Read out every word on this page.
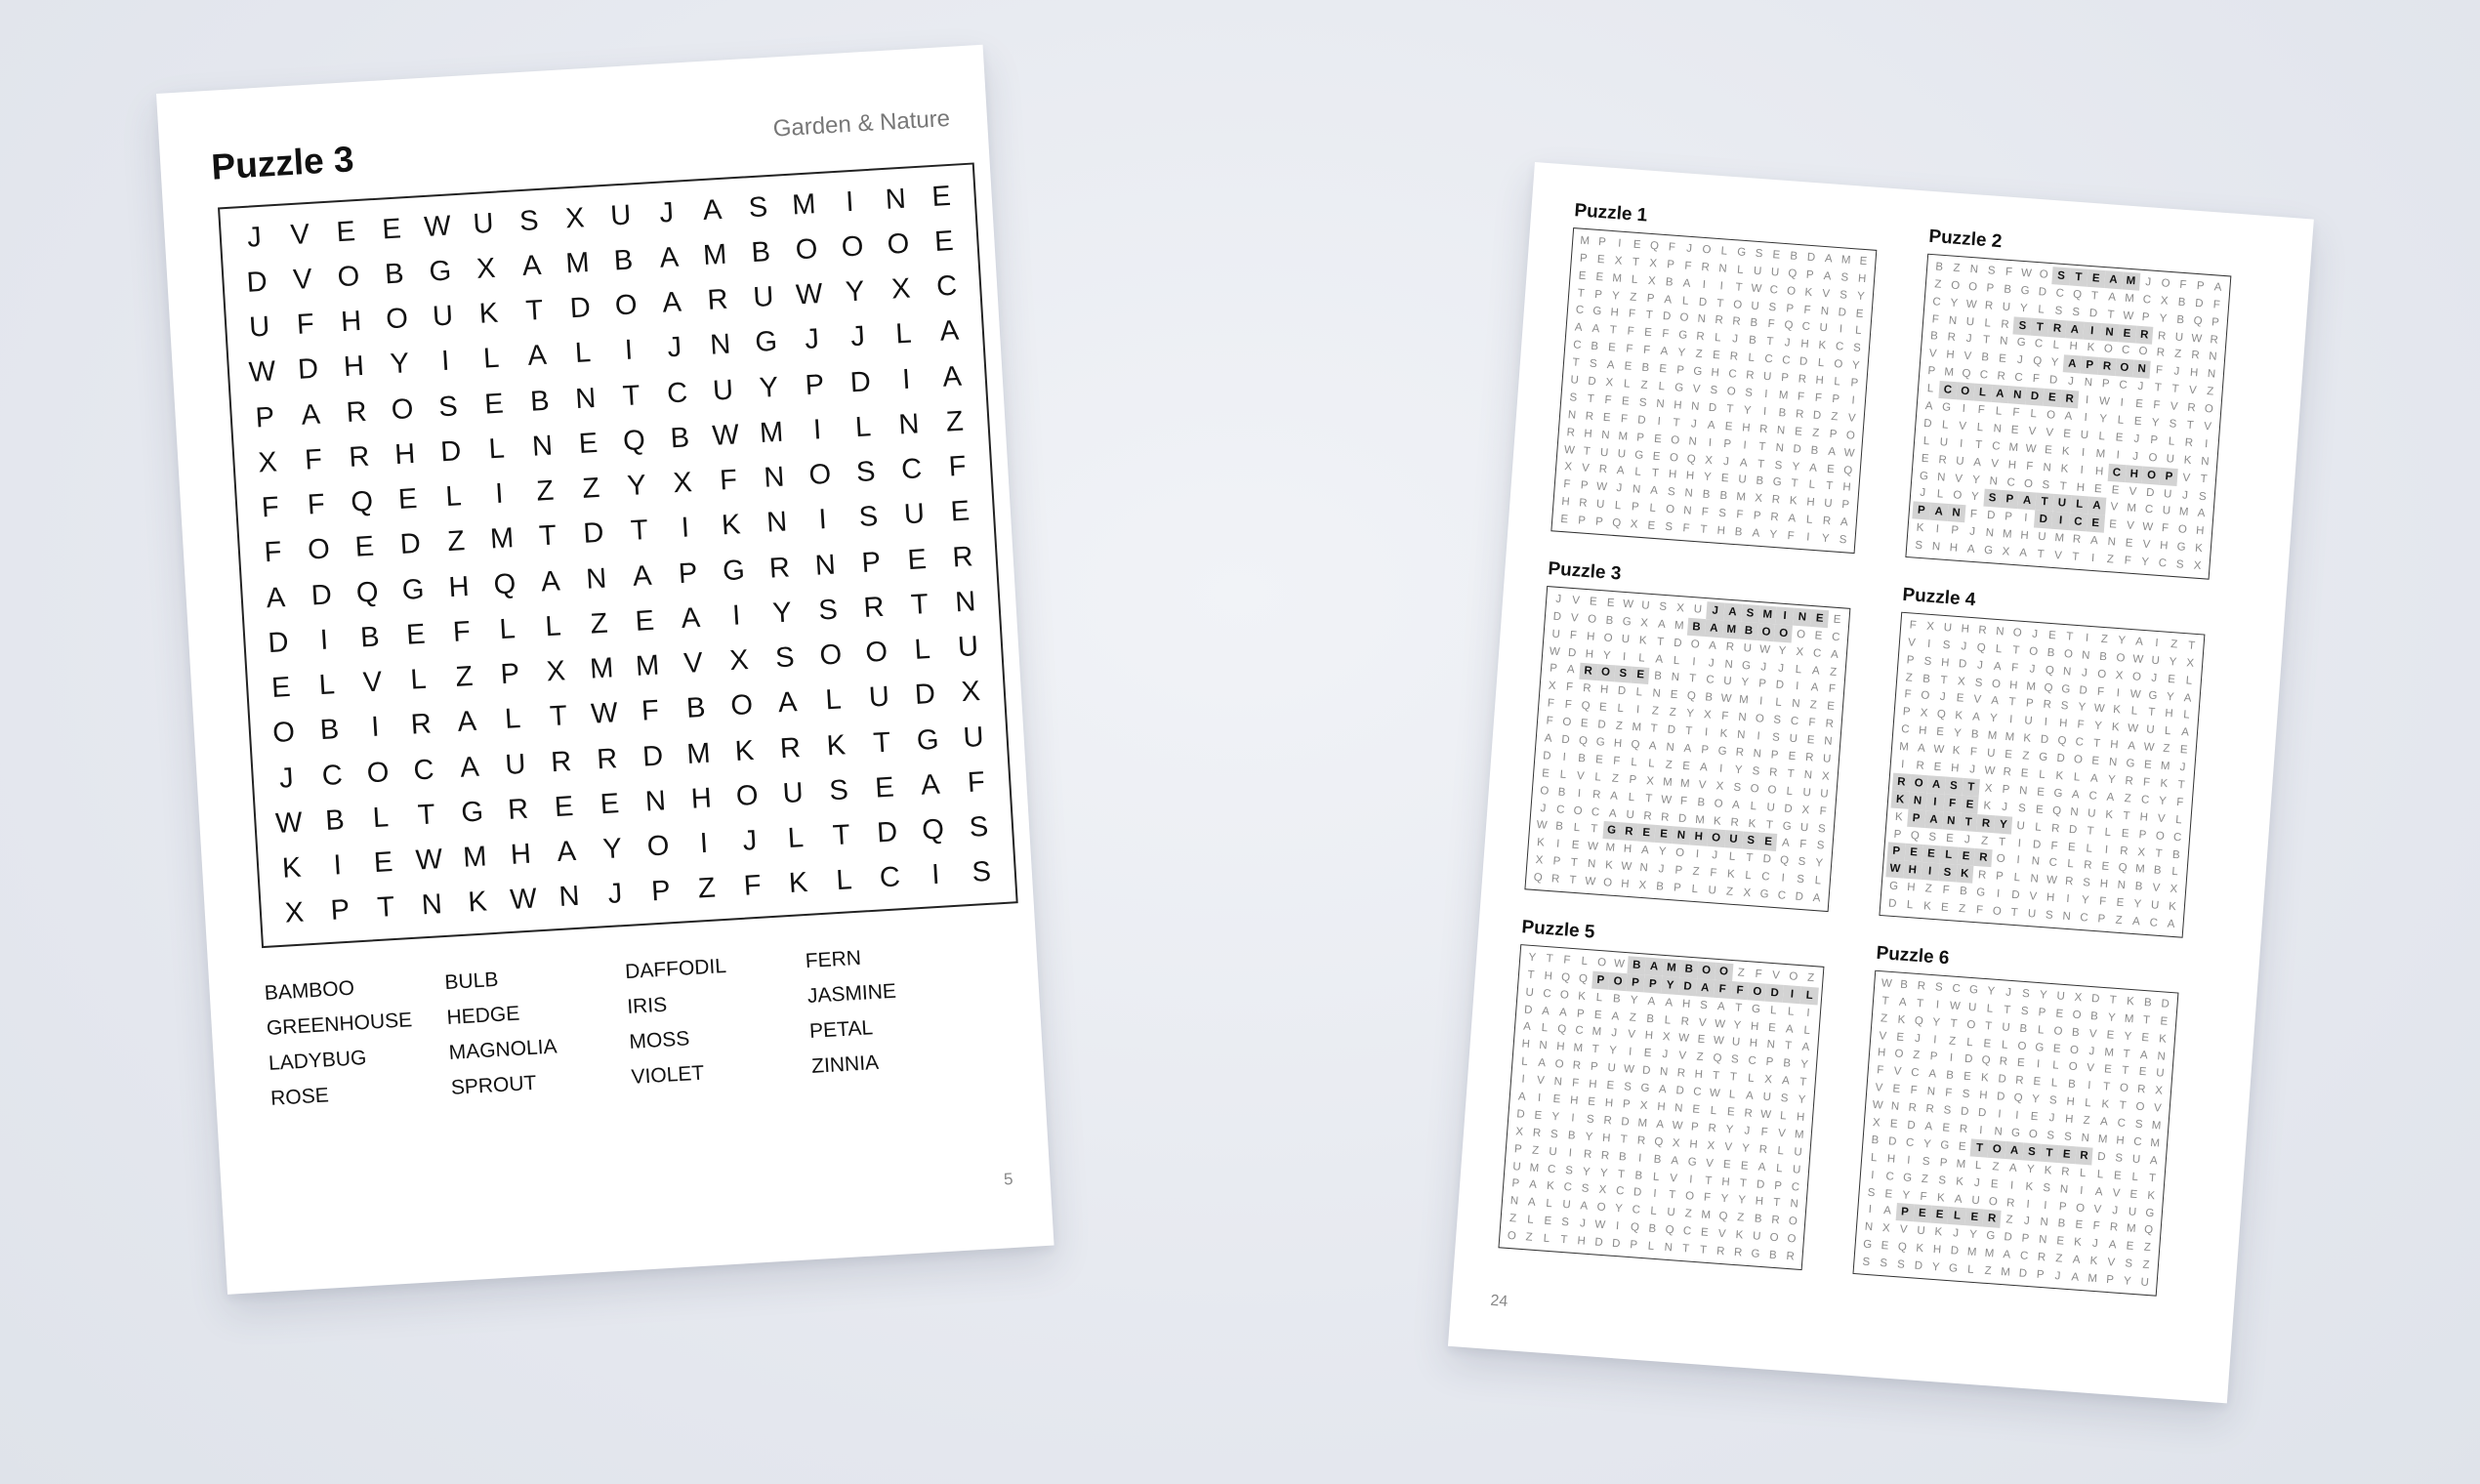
Puzzle 3
Garden & Nature
J V E E W U S X U J A S M I	N E
D V O B G X A M B A M B O O O E
U F H O U K T D O A R U W Y X C
W D H Y	I	L A L	I	J N G J	J	L A
P A R O S E B N T C U Y P D	I	A
X F R H D L N E Q B W M I	L N Z
F F Q E L	I	Z Z Y X F N O S C F
F O E D Z M T D T	I	K N	I	S U E
A D Q G H Q A N A P G R N P E R
D	I	B E F L L Z E A	I	Y S R T N
E L V L Z P X M M V X S O O L U
O B	I	R A L T W F B O A L U D X
J C O C A U R R D M K R K T G U
W B L T G R E E N H O U S E A F
K	I	E W M H A Y O	I	J	L T D Q S
X P T N K W N J P Z F K L C	I	S
BAMBOO	BULB	DAFFODIL	FERN
GREENHOUSE	HEDGE	IRIS	JASMINE
LADYBUG	MAGNOLIA	MOSS	PETAL
ROSE	SPROUT	VIOLET	ZINNIA
5
Puzzle 1
M P	I	E Q F J O L G S E B D A M E
P E X T X P F R N L U U Q P A S H
E E M L X B A	I	I	T W C O K V S Y
T P Y Z P A L D T O U S P F N D E
C G H F T D O N R R B F Q C U I	L
A A T F E F G R L J B T J H K C S
C B E F F A Y Z E R L C C D L O Y
T S A E B E P G H C R U P R H L P
U D X L Z L G V S O S	I M F F P	I
S T F E S N H N D T Y	I	B R D Z V
N R E F D I	T J A E H R N E Z P O
R H N M P E O N I	P	I	T N D B A W
W T U U G E O Q X J A T S Y A E Q
X V R A L T H H Y E U B G T L T H
F P W J N A S N B B M X R K H U P
H R U L P L O N F S F P R A L R A
E P P Q X E S F T H B A Y F	I	Y S
Puzzle 2
B Z N S F W O S T E A M J O F P A
Z O O P B G D C Q T A M C X B D F
C Y W R U Y L S S D T W P Y B Q P
F N U L R S T R A I N E R R U W R
B R J T N G C L H K O C O R Z R N
V H V B E J Q Y A P R O N F J H N
P M Q C R C F D J N P C J T T V Z
L C O L A N D E R I W I	E F V R O
A G I	F L F L O A	I	Y L E Y S T V
D L V L N E V V E U L E J P L R I
L U I	T C M W E K	I M I	J O U K N
E R U A V H F N K	I H C H O P V T
G N V Y N C O S T H E E V D U J S
J L O Y S P A T U L A V M C U M A
P A N F D P	I D I C E E V W F O H
K	I	P J N M H U M R A N E V H G K
S N H A G X A T V T	I	Z F Y C S X
Puzzle 3
J V E E W U S X U J A S M I N E E
D V O B G X A M B A M B O O O E C
U F H O U K T D O A R U W Y X C A
W D H Y	I	L A L	I	J N G J J L A Z
P A R O S E B N T C U Y P D I	A F
X F R H D L N E Q B W M I	L N Z E
F F Q E L	I	Z Z Y X F N O S C F R
F O E D Z M T D T	I	K N I	S U E N
A D Q G H Q A N A P G R N P E R U
D I	B E F L L Z E A	I	Y S R T N X
E L V L Z P X M M V X S O O L U U
O B	I R A L T W F B O A L U D X F
J C O C A U R R D M K R K T G U S
W B L T G R E E N H O U S E A F S
K	I	E W M H A Y O I	J L T D Q S Y
X P T N K W N J P Z F K L C I	S L
Q R T W O H X B P L U Z X G C D A
Puzzle 4
F X U H R N O J E T	I	Z Y A	I	Z T
V	I	S J Q L T O B O N B O W U Y X
P S H D J A F J Q N J O X O J E L
Z B T X S O H M Q G D F	I W G Y A
F O J E V A T P R S Y W K L T H L
P X Q K A Y	I U I H F Y K W U L A
C H E Y B M M K D Q C T H A W Z E
M A W K F U E Z G D O E N G E M J
I R E H J W R E L K L A Y R F K T
R O A S T X P N E G A C A Z C Y F
K N I	F E K J S E Q N U K T H V L
K P A N T R Y U L R D T L E P O C
P Q S E J Z T	I D F E L	I R X T B
P E E L E R O I N C L R E Q M B L
W H I	S K R P L N W R S H N B V X
G H Z F B G I D V H I	Y F E Y U K
D L K E Z F O T U S N C P Z A C A
Puzzle 5
Y T F L O W B A M B O O Z F V O Z
T H Q Q P O P P Y D A F F O D I	L
U C O K L B Y A A H S A T G L L	I
D A A P E A Z B L R V W Y H E A L
A L Q C M J V H X W E W U H N T A
H N H M T Y	I	E J V Z Q S C P B Y
L A O R P U W D N R H T T L X A T
I	V N F H E S G A D C W L A U S Y
A	I	E H E H P X H N E L E R W L H
D E Y	I	S R D M A W P R Y J F V M
X R S B Y H T R Q X H X V Y R L U
P Z U I R R B	I	B A G V E E A L U
U M C S Y Y T B L V	I	T H T D P C
P A K C S X C D I	T O F Y Y H T N
N A L U A O Y C L U Z M Q Z B R O
Z L E S J W I Q B Q C E V K U O O
O Z L T H D D P L N T T R R G B R
Puzzle 6
W B R S C G Y J S Y U X D T K B D
T A T	I W U L T S P E O B Y M T E
Z K Q Y T O T U B L O B V E Y E K
V E J	I	Z L E L O G E O J M T A N
H O Z P	I D Q R E	I	L O V E T E U
F V C A B E K D R E L B	I	T O R X
V E F N F S H D Q Y S H L K T O V
W N R R S D D I	I	E J H Z A C S M
X E D A E R I N G O S S N M H C M
B D C Y G E T O A S T E R D S U A
L H I	S P M L Z A Y K R L L E L T
I C G Z S K J E	I	K S N I	A V E K
S E Y F K A U O R I	I	P O V J U G
I	A P E E L E R Z J N B E F R M Q
N X V U K J Y G D P N E K J A E Z
G E Q K H D M M A C R Z A K V S Z
S S S D Y G L Z M D P J A M P Y U
24
